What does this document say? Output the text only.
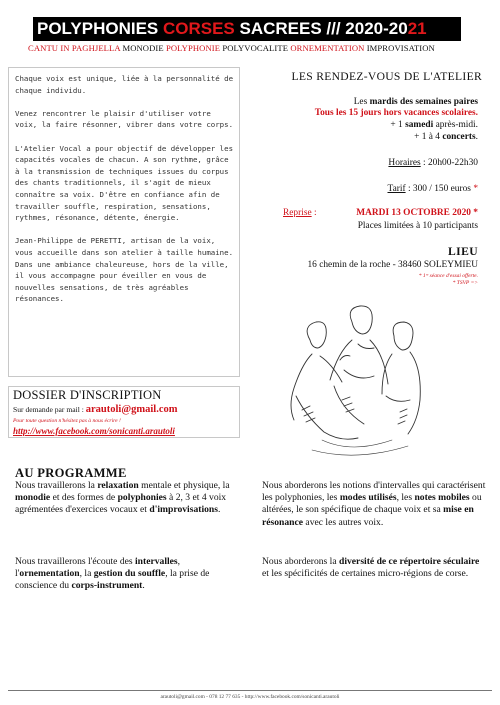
POLYPHONIES CORSES SACREES /// 2020-2021
CANTU IN PAGHJELLA MONODIE POLYPHONIE POLYVOCALITE ORNEMENTATION IMPROVISATION

Chaque voix est unique, liée à la personnalité de chaque individu.

Venez rencontrer le plaisir d'utiliser votre voix, la faire résonner, vibrer dans votre corps.

L'Atelier Vocal a pour objectif de développer les capacités vocales de chacun. A son rythme, grâce à la transmission de techniques issues du corpus des chants traditionnels, il s'agit de mieux connaître sa voix. D'être en confiance afin de travailler souffle, respiration, sensations, rythmes, résonance, détente, énergie.

Jean-Philippe de PERETTI, artisan de la voix, vous accueille dans son atelier à taille humaine. Dans une ambiance chaleureuse, hors de la ville, il vous accompagne pour éveiller en vous de nouvelles sensations, de très agréables résonances.

DOSSIER D'INSCRIPTION
Sur demande par mail : arautoli@gmail.com
Pour toute question n'hésitez pas à nous écrire !
http://www.facebook.com/sonicanti.arautoli
LES RENDEZ-VOUS DE L'ATELIER
Les mardis des semaines paires
Tous les 15 jours hors vacances scolaires.
+ 1 samedi après-midi.
+ 1 à 4 concerts.
Horaires : 20h00-22h30
Tarif : 300 / 150 euros *
Reprise :	MARDI 13 OCTOBRE 2020 *
Places limitées à 10 participants
LIEU
16 chemin de la roche - 38460 SOLEYMIEU
* 1ʳᵉ séance d'essai offerte.
* TSVP =>
AU PROGRAMME
Nous travaillerons la relaxation mentale et physique, la monodie et des formes de polyphonies à 2, 3 et 4 voix agrémentées d'exercices vocaux et d'improvisations.
Nous travaillerons l'écoute des intervalles, l'ornementation, la gestion du souffle, la prise de conscience du corps-instrument.
Nous aborderons les notions d'intervalles qui caractérisent les polyphonies, les modes utilisés, les notes mobiles ou altérées, le son spécifique de chaque voix et sa mise en résonance avec les autres voix.
Nous aborderons la diversité de ce répertoire séculaire et les spécificités de certaines micro-régions de corse.
arautoli@gmail.com - 078 12 77 635 - http://www.facebook.com/sonicanti.arautoli
